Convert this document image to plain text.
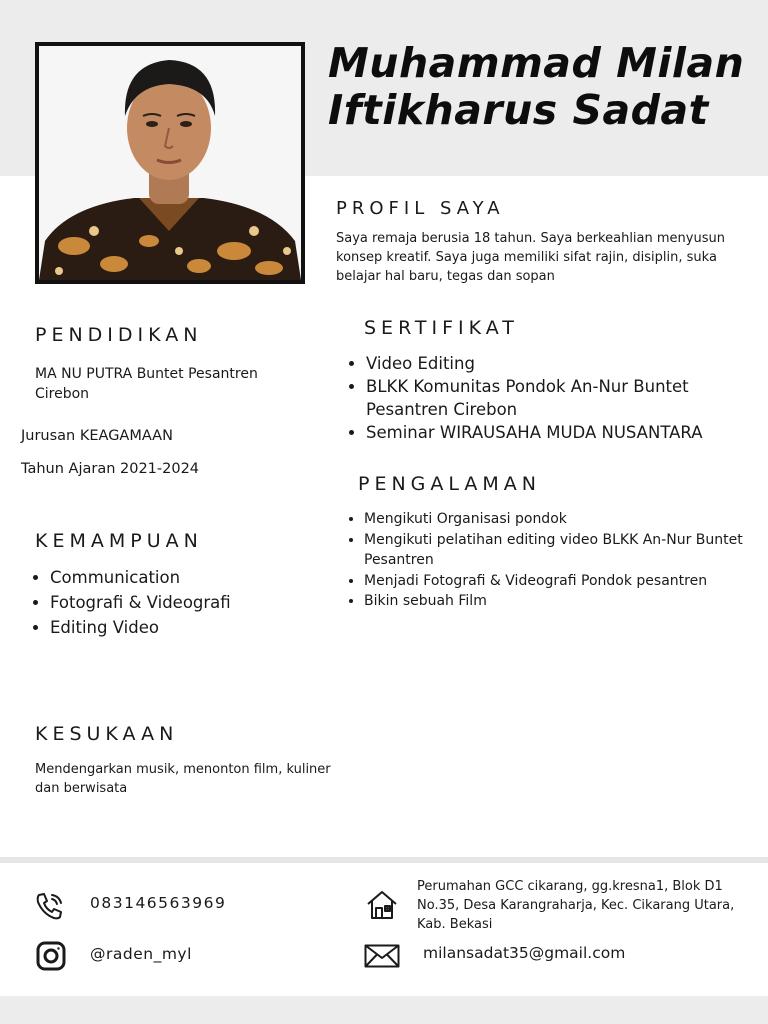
Muhammad Milan
Iftikharus Sadat
PROFIL SAYA
Saya remaja berusia 18 tahun. Saya berkeahlian menyusun konsep kreatif. Saya juga memiliki sifat rajin, disiplin, suka belajar hal baru, tegas dan sopan
PENDIDIKAN
MA NU PUTRA Buntet Pesantren Cirebon
Jurusan KEAGAMAAN
Tahun Ajaran 2021-2024
SERTIFIKAT
• Video Editing
• BLKK Komunitas Pondok An-Nur Buntet Pesantren Cirebon
• Seminar WIRAUSAHA MUDA NUSANTARA
PENGALAMAN
• Mengikuti Organisasi pondok
• Mengikuti pelatihan editing video BLKK An-Nur Buntet Pesantren
• Menjadi Fotografi & Videografi Pondok pesantren
• Bikin sebuah Film
KEMAMPUAN
• Communication
• Fotografi & Videografi
• Editing Video
KESUKAAN
Mendengarkan musik, menonton film, kuliner dan berwisata
083146563969
@raden_myl
Perumahan GCC cikarang, gg.kresna1, Blok D1 No.35, Desa Karangraharja, Kec. Cikarang Utara, Kab. Bekasi
milansadat35@gmail.com
